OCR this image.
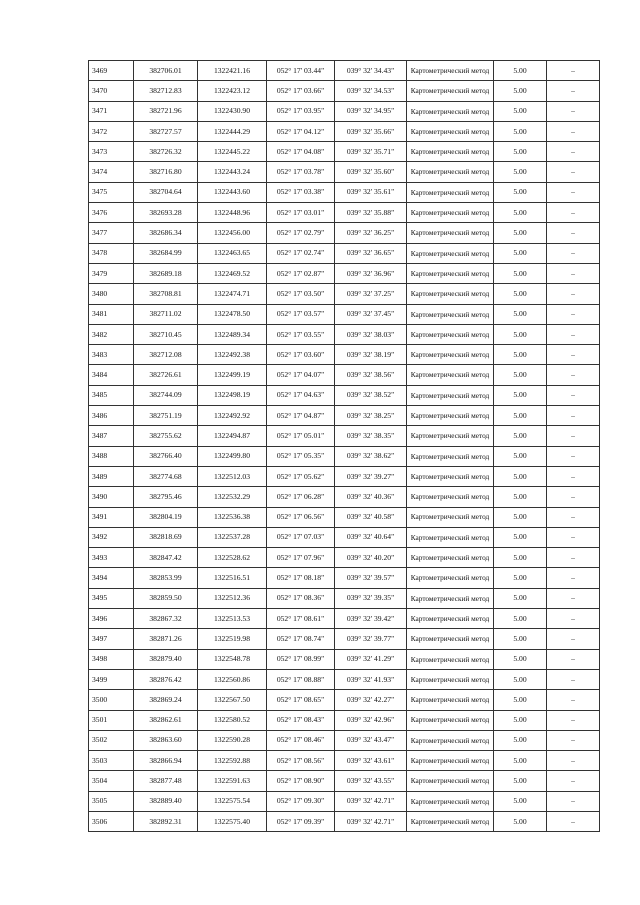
3469	382706.01	1322421.16	052° 17' 03.44"	039° 32' 34.43"	Картометрический метод	5.00	–
3470	382712.83	1322423.12	052° 17' 03.66"	039° 32' 34.53"	Картометрический метод	5.00	–
3471	382721.96	1322430.90	052° 17' 03.95"	039° 32' 34.95"	Картометрический метод	5.00	–
3472	382727.57	1322444.29	052° 17' 04.12"	039° 32' 35.66"	Картометрический метод	5.00	–
3473	382726.32	1322445.22	052° 17' 04.08"	039° 32' 35.71"	Картометрический метод	5.00	–
3474	382716.80	1322443.24	052° 17' 03.78"	039° 32' 35.60"	Картометрический метод	5.00	–
3475	382704.64	1322443.60	052° 17' 03.38"	039° 32' 35.61"	Картометрический метод	5.00	–
3476	382693.28	1322448.96	052° 17' 03.01"	039° 32' 35.88"	Картометрический метод	5.00	–
3477	382686.34	1322456.00	052° 17' 02.79"	039° 32' 36.25"	Картометрический метод	5.00	–
3478	382684.99	1322463.65	052° 17' 02.74"	039° 32' 36.65"	Картометрический метод	5.00	–
3479	382689.18	1322469.52	052° 17' 02.87"	039° 32' 36.96"	Картометрический метод	5.00	–
3480	382708.81	1322474.71	052° 17' 03.50"	039° 32' 37.25"	Картометрический метод	5.00	–
3481	382711.02	1322478.50	052° 17' 03.57"	039° 32' 37.45"	Картометрический метод	5.00	–
3482	382710.45	1322489.34	052° 17' 03.55"	039° 32' 38.03"	Картометрический метод	5.00	–
3483	382712.08	1322492.38	052° 17' 03.60"	039° 32' 38.19"	Картометрический метод	5.00	–
3484	382726.61	1322499.19	052° 17' 04.07"	039° 32' 38.56"	Картометрический метод	5.00	–
3485	382744.09	1322498.19	052° 17' 04.63"	039° 32' 38.52"	Картометрический метод	5.00	–
3486	382751.19	1322492.92	052° 17' 04.87"	039° 32' 38.25"	Картометрический метод	5.00	–
3487	382755.62	1322494.87	052° 17' 05.01"	039° 32' 38.35"	Картометрический метод	5.00	–
3488	382766.40	1322499.80	052° 17' 05.35"	039° 32' 38.62"	Картометрический метод	5.00	–
3489	382774.68	1322512.03	052° 17' 05.62"	039° 32' 39.27"	Картометрический метод	5.00	–
3490	382795.46	1322532.29	052° 17' 06.28"	039° 32' 40.36"	Картометрический метод	5.00	–
3491	382804.19	1322536.38	052° 17' 06.56"	039° 32' 40.58"	Картометрический метод	5.00	–
3492	382818.69	1322537.28	052° 17' 07.03"	039° 32' 40.64"	Картометрический метод	5.00	–
3493	382847.42	1322528.62	052° 17' 07.96"	039° 32' 40.20"	Картометрический метод	5.00	–
3494	382853.99	1322516.51	052° 17' 08.18"	039° 32' 39.57"	Картометрический метод	5.00	–
3495	382859.50	1322512.36	052° 17' 08.36"	039° 32' 39.35"	Картометрический метод	5.00	–
3496	382867.32	1322513.53	052° 17' 08.61"	039° 32' 39.42"	Картометрический метод	5.00	–
3497	382871.26	1322519.98	052° 17' 08.74"	039° 32' 39.77"	Картометрический метод	5.00	–
3498	382879.40	1322548.78	052° 17' 08.99"	039° 32' 41.29"	Картометрический метод	5.00	–
3499	382876.42	1322560.86	052° 17' 08.88"	039° 32' 41.93"	Картометрический метод	5.00	–
3500	382869.24	1322567.50	052° 17' 08.65"	039° 32' 42.27"	Картометрический метод	5.00	–
3501	382862.61	1322580.52	052° 17' 08.43"	039° 32' 42.96"	Картометрический метод	5.00	–
3502	382863.60	1322590.28	052° 17' 08.46"	039° 32' 43.47"	Картометрический метод	5.00	–
3503	382866.94	1322592.88	052° 17' 08.56"	039° 32' 43.61"	Картометрический метод	5.00	–
3504	382877.48	1322591.63	052° 17' 08.90"	039° 32' 43.55"	Картометрический метод	5.00	–
3505	382889.40	1322575.54	052° 17' 09.30"	039° 32' 42.71"	Картометрический метод	5.00	–
3506	382892.31	1322575.40	052° 17' 09.39"	039° 32' 42.71"	Картометрический метод	5.00	–
